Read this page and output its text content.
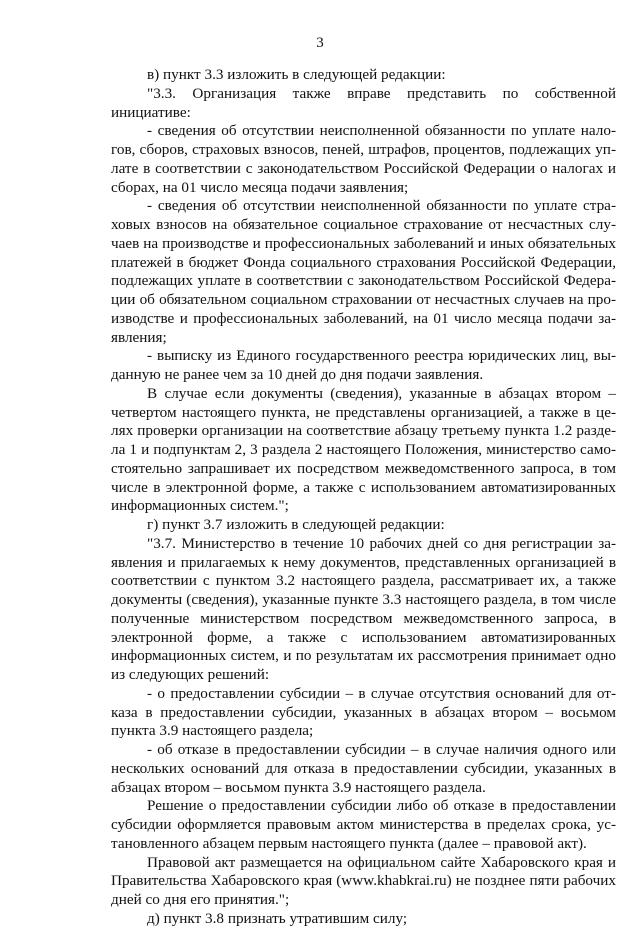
3

в) пункт 3.3 изложить в следующей редакции:

"3.3. Организация также вправе представить по собственной инициативе:

- сведения об отсутствии неисполненной обязанности по уплате налогов, сборов, страховых взносов, пеней, штрафов, процентов, подлежащих уплате в соответствии с законодательством Российской Федерации о налогах и сборах, на 01 число месяца подачи заявления;

- сведения об отсутствии неисполненной обязанности по уплате страховых взносов на обязательное социальное страхование от несчастных случаев на производстве и профессиональных заболеваний и иных обязательных платежей в бюджет Фонда социального страхования Российской Федерации, подлежащих уплате в соответствии с законодательством Российской Федерации об обязательном социальном страховании от несчастных случаев на производстве и профессиональных заболеваний, на 01 число месяца подачи заявления;

- выписку из Единого государственного реестра юридических лиц, выданную не ранее чем за 10 дней до дня подачи заявления.

В случае если документы (сведения), указанные в абзацах втором – четвертом настоящего пункта, не представлены организацией, а также в целях проверки организации на соответствие абзацу третьему пункта 1.2 раздела 1 и подпунктам 2, 3 раздела 2 настоящего Положения, министерство самостоятельно запрашивает их посредством межведомственного запроса, в том числе в электронной форме, а также с использованием автоматизированных информационных систем.";

г) пункт 3.7 изложить в следующей редакции:

"3.7. Министерство в течение 10 рабочих дней со дня регистрации заявления и прилагаемых к нему документов, представленных организацией в соответствии с пунктом 3.2 настоящего раздела, рассматривает их, а также документы (сведения), указанные пункте 3.3 настоящего раздела, в том числе полученные министерством посредством межведомственного запроса, в электронной форме, а также с использованием автоматизированных информационных систем, и по результатам их рассмотрения принимает одно из следующих решений:

- о предоставлении субсидии – в случае отсутствия оснований для отказа в предоставлении субсидии, указанных в абзацах втором – восьмом пункта 3.9 настоящего раздела;

- об отказе в предоставлении субсидии – в случае наличия одного или нескольких оснований для отказа в предоставлении субсидии, указанных в абзацах втором – восьмом пункта 3.9 настоящего раздела.

Решение о предоставлении субсидии либо об отказе в предоставлении субсидии оформляется правовым актом министерства в пределах срока, установленного абзацем первым настоящего пункта (далее – правовой акт).

Правовой акт размещается на официальном сайте Хабаровского края и Правительства Хабаровского края (www.khabkrai.ru) не позднее пяти рабочих дней со дня его принятия.";

д) пункт 3.8 признать утратившим силу;
